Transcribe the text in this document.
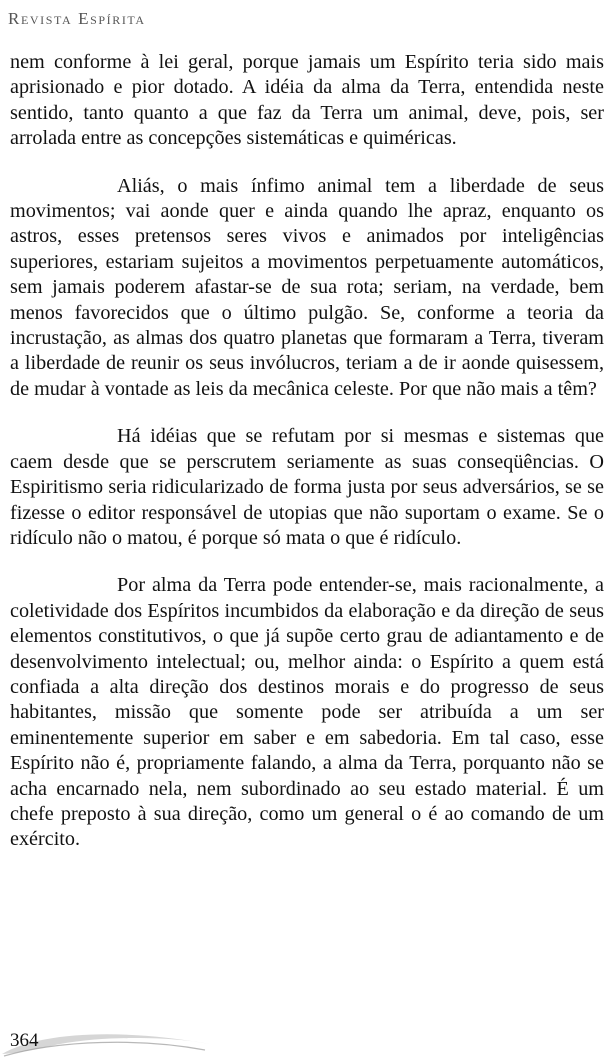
Revista Espírita

nem conforme à lei geral, porque jamais um Espírito teria sido mais aprisionado e pior dotado. A idéia da alma da Terra, entendida neste sentido, tanto quanto a que faz da Terra um animal, deve, pois, ser arrolada entre as concepções sistemáticas e quiméricas.

Aliás, o mais ínfimo animal tem a liberdade de seus movimentos; vai aonde quer e ainda quando lhe apraz, enquanto os astros, esses pretensos seres vivos e animados por inteligências superiores, estariam sujeitos a movimentos perpetuamente automáticos, sem jamais poderem afastar-se de sua rota; seriam, na verdade, bem menos favorecidos que o último pulgão. Se, conforme a teoria da incrustação, as almas dos quatro planetas que formaram a Terra, tiveram a liberdade de reunir os seus invólucros, teriam a de ir aonde quisessem, de mudar à vontade as leis da mecânica celeste. Por que não mais a têm?

Há idéias que se refutam por si mesmas e sistemas que caem desde que se perscrutem seriamente as suas conseqüências. O Espiritismo seria ridicularizado de forma justa por seus adversários, se se fizesse o editor responsável de utopias que não suportam o exame. Se o ridículo não o matou, é porque só mata o que é ridículo.

Por alma da Terra pode entender-se, mais racionalmente, a coletividade dos Espíritos incumbidos da elaboração e da direção de seus elementos constitutivos, o que já supõe certo grau de adiantamento e de desenvolvimento intelectual; ou, melhor ainda: o Espírito a quem está confiada a alta direção dos destinos morais e do progresso de seus habitantes, missão que somente pode ser atribuída a um ser eminentemente superior em saber e em sabedoria. Em tal caso, esse Espírito não é, propriamente falando, a alma da Terra, porquanto não se acha encarnado nela, nem subordinado ao seu estado material. É um chefe preposto à sua direção, como um general o é ao comando de um exército.

364
